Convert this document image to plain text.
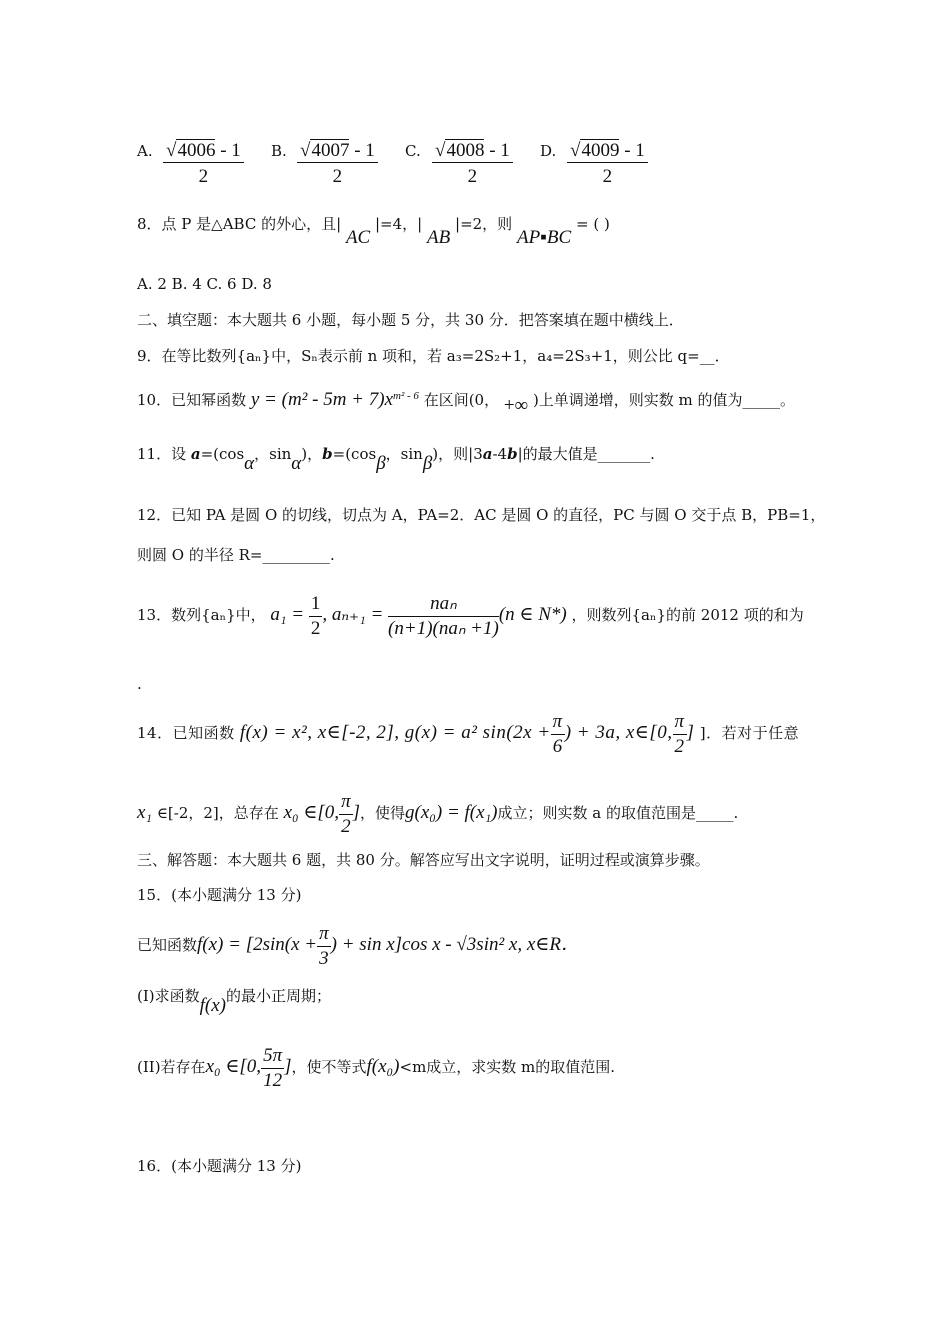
A. $\frac{√4006 - 1}{2} B$. $\frac{√4007 - 1}{2} C$. $\frac{√4008 - 1}{2} D$. $\frac{√4009 - 1}{2}$
8．点 P 是△ABC 的外心，且| AC |=4，| AB |=2，则 AP▪BC = ( )
A. 2 B. 4 C. 6 D. 8
二、填空题：本大题共 6 小题，每小题 5 分，共 30 分．把答案填在题中横线上．
9．在等比数列{aₙ}中，Sₙ表示前 n 项和，若 a₃=2S₂+1，a₄=2S₃+1，则公比 q=__．
10．已知幂函数 $y = (m^2 - 5m + 7)x^{m^2 - 6}$ 在区间(0， +∞ )上单调递增，则实数 m 的值为_____。
11．设 a=(cosα，sinα)，b=(cosβ，sinβ)，则|3a-4b|的最大值是_______.
12．已知 PA 是圆 O 的切线，切点为 A，PA=2．AC 是圆 O 的直径，PC 与圆 O 交于点 B，PB=1，
则圆 O 的半径 R=_________.
13．数列{aₙ}中， $a_1 = \frac{1}{2}$ , $a_{n+1} = \frac{\text{naₙ}}{\text{(n+1)(naₙ +1)}} (n$ ∈ N*) ，则数列{aₙ}的前 2012 项的和为
.
14．已知函数 f(x) = x², x∈[-2, 2], g(x) = a² $\sin(2x + \frac{\pi}{6}$ ) + 3a, x∈[0, $\frac{\pi}{2}$ ] ]．若对于任意
x₁ ∈[-2，2]，总存在 x₀ ∈[0, $\frac{\pi}{2}$ ]，使得g(x₀) = f(x₁)成立；则实数 a 的取值范围是_____.
三、解答题：本大题共 6 题，共 80 分。解答应写出文字说明，证明过程或演算步骤。
15．(本小题满分 13 分)
已知函数$f(x) = [2\sin(x + \frac{\pi}{3}$ ) + sin x]cos x - √3sin² x, x∈R．
(I)求函数f(x)的最小正周期；
(II)若存在x₀ ∈[0, $\frac{5\pi}{12}$ ]，使不等式f(x₀)<m成立，求实数 m的取值范围.
16．(本小题满分 13 分)
